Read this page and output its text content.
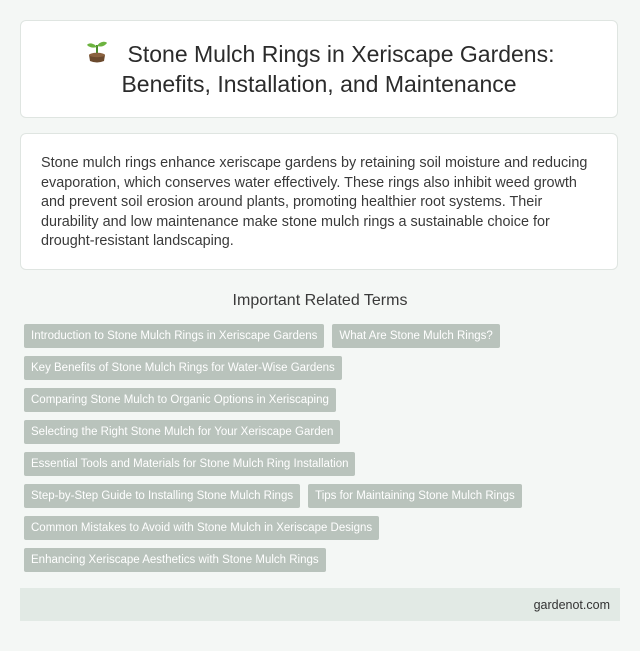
Stone Mulch Rings in Xeriscape Gardens:
Benefits, Installation, and Maintenance

Stone mulch rings enhance xeriscape gardens by retaining soil moisture and reducing evaporation, which conserves water effectively. These rings also inhibit weed growth and prevent soil erosion around plants, promoting healthier root systems. Their durability and low maintenance make stone mulch rings a sustainable choice for drought-resistant landscaping.

Important Related Terms
Introduction to Stone Mulch Rings in Xeriscape Gardens	What Are Stone Mulch Rings?
Key Benefits of Stone Mulch Rings for Water-Wise Gardens
Comparing Stone Mulch to Organic Options in Xeriscaping
Selecting the Right Stone Mulch for Your Xeriscape Garden
Essential Tools and Materials for Stone Mulch Ring Installation
Step-by-Step Guide to Installing Stone Mulch Rings	Tips for Maintaining Stone Mulch Rings
Common Mistakes to Avoid with Stone Mulch in Xeriscape Designs
Enhancing Xeriscape Aesthetics with Stone Mulch Rings
gardenot.com
